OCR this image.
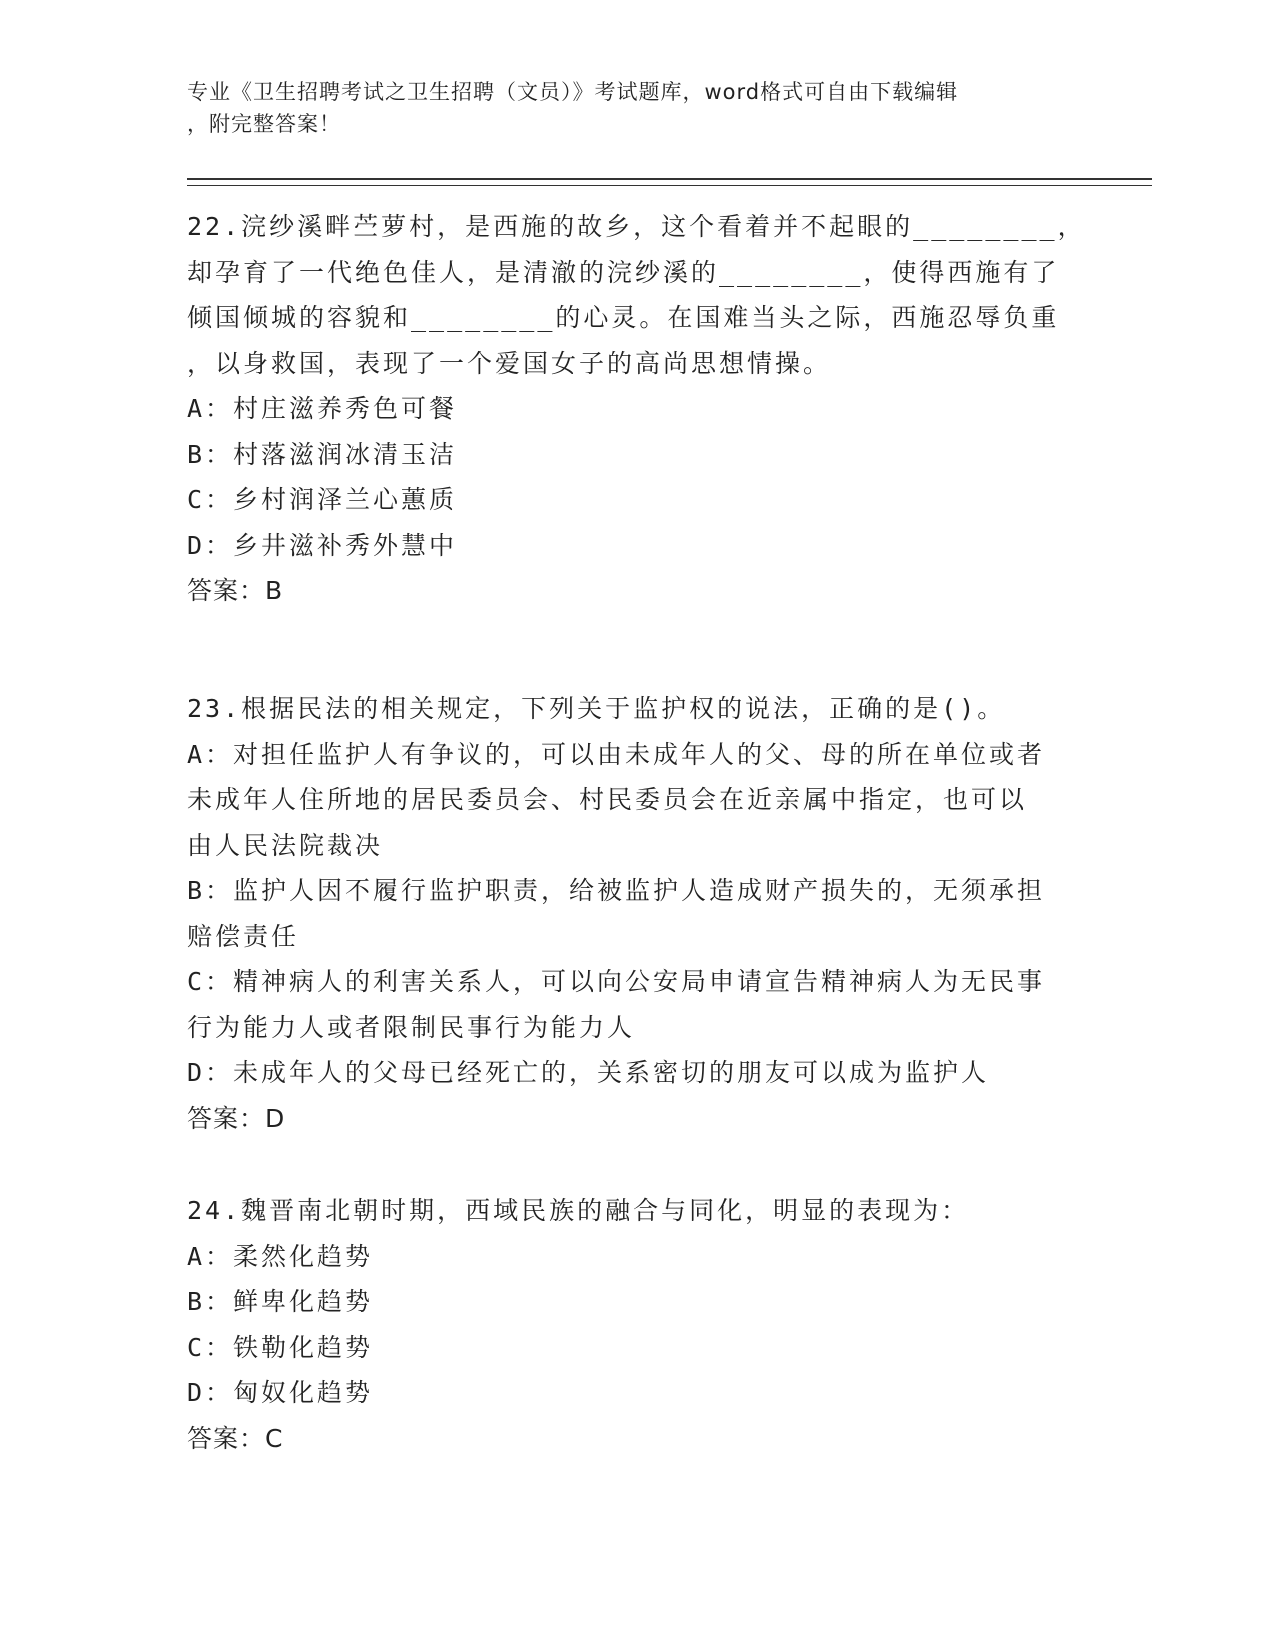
专业《卫生招聘考试之卫生招聘（文员）》考试题库，word格式可自由下载编辑
，附完整答案！

22.浣纱溪畔苎萝村，是西施的故乡，这个看着并不起眼的________，

却孕育了一代绝色佳人，是清澈的浣纱溪的________，使得西施有了

倾国倾城的容貌和________的心灵。在国难当头之际，西施忍辱负重

，以身救国，表现了一个爱国女子的高尚思想情操。

A：村庄滋养秀色可餐

B：村落滋润冰清玉洁

C：乡村润泽兰心蕙质

D：乡井滋补秀外慧中

答案：B

23.根据民法的相关规定，下列关于监护权的说法，正确的是()。

A：对担任监护人有争议的，可以由未成年人的父、母的所在单位或者

未成年人住所地的居民委员会、村民委员会在近亲属中指定，也可以

由人民法院裁决

B：监护人因不履行监护职责，给被监护人造成财产损失的，无须承担

赔偿责任

C：精神病人的利害关系人，可以向公安局申请宣告精神病人为无民事

行为能力人或者限制民事行为能力人

D：未成年人的父母已经死亡的，关系密切的朋友可以成为监护人

答案：D

24.魏晋南北朝时期，西域民族的融合与同化，明显的表现为：

A：柔然化趋势

B：鲜卑化趋势

C：铁勒化趋势

D：匈奴化趋势

答案：C
